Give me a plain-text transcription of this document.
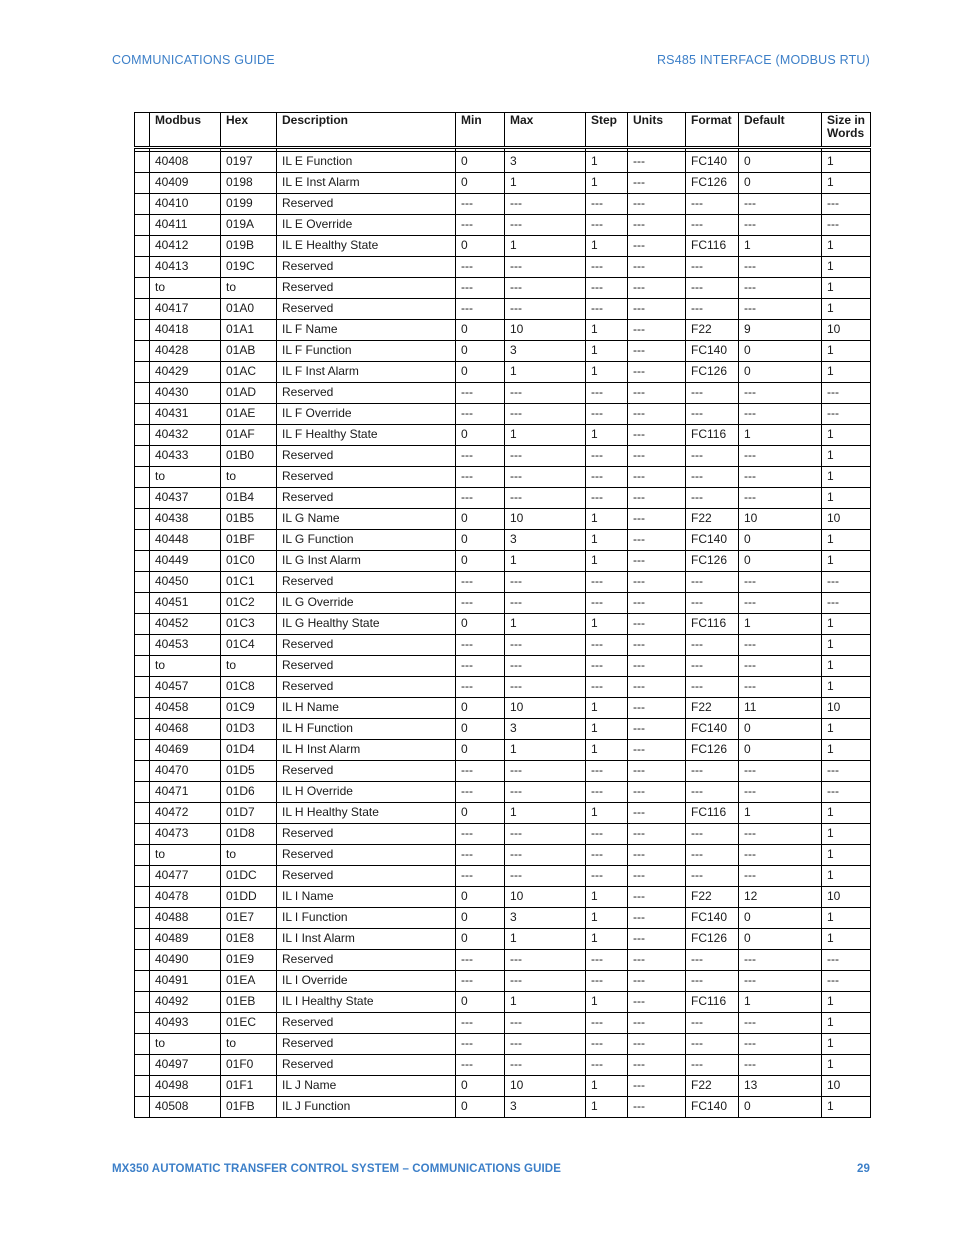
COMMUNICATIONS GUIDE	RS485 INTERFACE (MODBUS RTU)
	Modbus	Hex	Description	Min	Max	Step	Units	Format	Default	Size in Words

	40408	0197	IL E Function	0	3	1	---	FC140	0	1
	40409	0198	IL E Inst Alarm	0	1	1	---	FC126	0	1
	40410	0199	Reserved	---	---	---	---	---	---	---
	40411	019A	IL E Override	---	---	---	---	---	---	---
	40412	019B	IL E Healthy State	0	1	1	---	FC116	1	1
	40413	019C	Reserved	---	---	---	---	---	---	1
	to	to	Reserved	---	---	---	---	---	---	1
	40417	01A0	Reserved	---	---	---	---	---	---	1
	40418	01A1	IL F Name	0	10	1	---	F22	9	10
	40428	01AB	IL F Function	0	3	1	---	FC140	0	1
	40429	01AC	IL F Inst Alarm	0	1	1	---	FC126	0	1
	40430	01AD	Reserved	---	---	---	---	---	---	---
	40431	01AE	IL F Override	---	---	---	---	---	---	---
	40432	01AF	IL F Healthy State	0	1	1	---	FC116	1	1
	40433	01B0	Reserved	---	---	---	---	---	---	1
	to	to	Reserved	---	---	---	---	---	---	1
	40437	01B4	Reserved	---	---	---	---	---	---	1
	40438	01B5	IL G Name	0	10	1	---	F22	10	10
	40448	01BF	IL G Function	0	3	1	---	FC140	0	1
	40449	01C0	IL G Inst Alarm	0	1	1	---	FC126	0	1
	40450	01C1	Reserved	---	---	---	---	---	---	---
	40451	01C2	IL G Override	---	---	---	---	---	---	---
	40452	01C3	IL G Healthy State	0	1	1	---	FC116	1	1
	40453	01C4	Reserved	---	---	---	---	---	---	1
	to	to	Reserved	---	---	---	---	---	---	1
	40457	01C8	Reserved	---	---	---	---	---	---	1
	40458	01C9	IL H Name	0	10	1	---	F22	11	10
	40468	01D3	IL H Function	0	3	1	---	FC140	0	1
	40469	01D4	IL H Inst Alarm	0	1	1	---	FC126	0	1
	40470	01D5	Reserved	---	---	---	---	---	---	---
	40471	01D6	IL H Override	---	---	---	---	---	---	---
	40472	01D7	IL H Healthy State	0	1	1	---	FC116	1	1
	40473	01D8	Reserved	---	---	---	---	---	---	1
	to	to	Reserved	---	---	---	---	---	---	1
	40477	01DC	Reserved	---	---	---	---	---	---	1
	40478	01DD	IL I Name	0	10	1	---	F22	12	10
	40488	01E7	IL I Function	0	3	1	---	FC140	0	1
	40489	01E8	IL I Inst Alarm	0	1	1	---	FC126	0	1
	40490	01E9	Reserved	---	---	---	---	---	---	---
	40491	01EA	IL I Override	---	---	---	---	---	---	---
	40492	01EB	IL I Healthy State	0	1	1	---	FC116	1	1
	40493	01EC	Reserved	---	---	---	---	---	---	1
	to	to	Reserved	---	---	---	---	---	---	1
	40497	01F0	Reserved	---	---	---	---	---	---	1
	40498	01F1	IL J Name	0	10	1	---	F22	13	10
	40508	01FB	IL J Function	0	3	1	---	FC140	0	1
MX350 AUTOMATIC TRANSFER CONTROL SYSTEM – COMMUNICATIONS GUIDE	29
